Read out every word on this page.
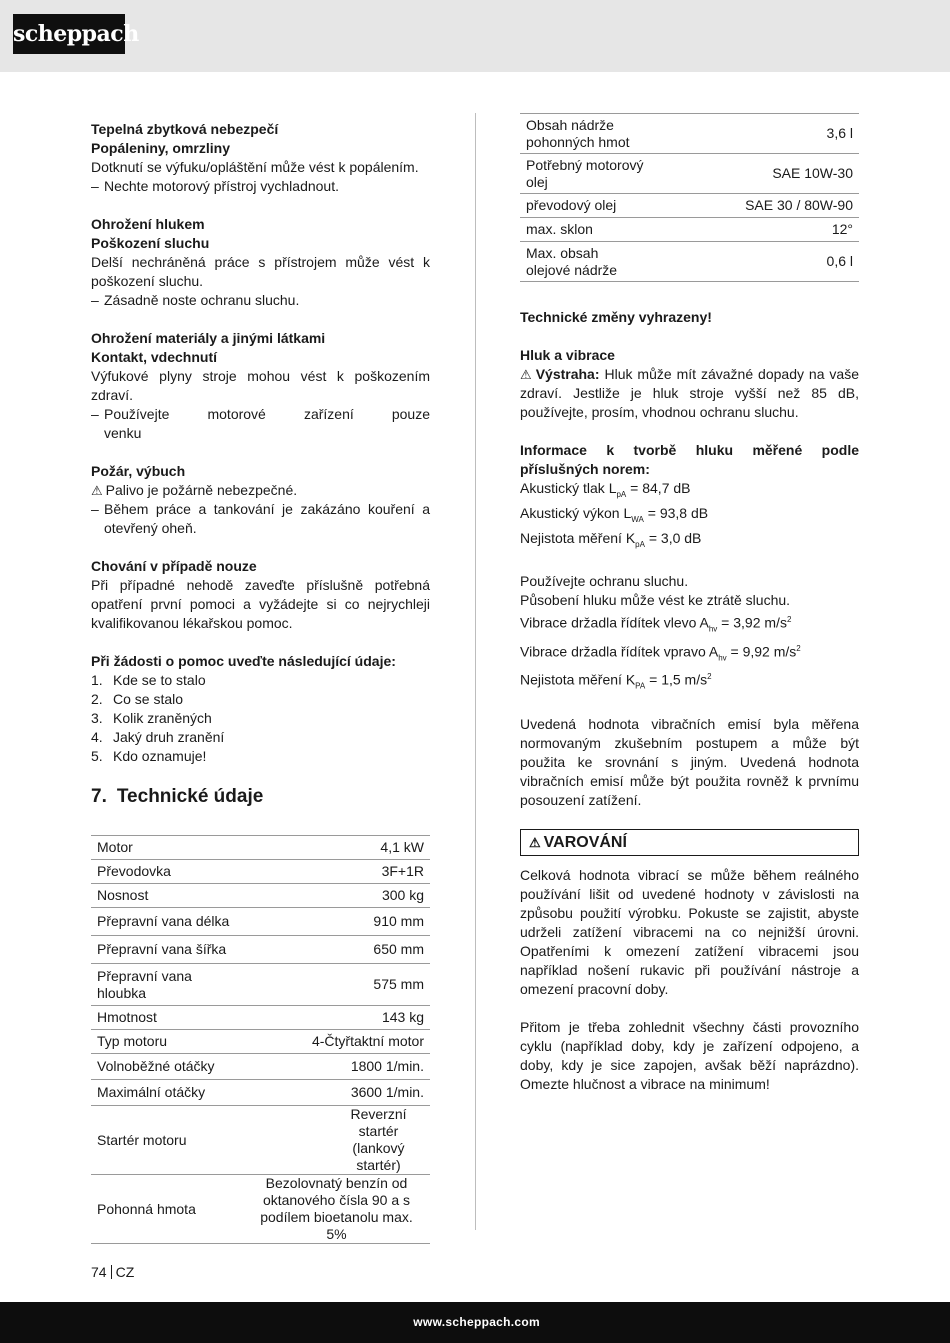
scheppach

Tepelná zbytková nebezpečí

Popáleniny, omrzliny

Dotknutí se výfuku/opláštění může vést k popálením.

– Nechte motorový přístroj vychladnout.

Ohrožení hlukem

Poškození sluchu

Delší nechráněná práce s přístrojem může vést k poškození sluchu.

– Zásadně noste ochranu sluchu.

Ohrožení materiály a jinými látkami

Kontakt, vdechnutí

Výfukové plyny stroje mohou vést k poškozením zdraví.

– Používejte motorové zařízení pouze venku

Požár, výbuch

⚠ Palivo je požárně nebezpečné.

– Během práce a tankování je zakázáno kouření a otevřený oheň.

Chování v případě nouze

Při případné nehodě zaveďte příslušně potřebná opatření první pomoci a vyžádejte si co nejrychleji kvalifikovanou lékařskou pomoc.

Při žádosti o pomoc uveďte následující údaje:

1. Kde se to stalo
2. Co se stalo
3. Kolik zraněných
4. Jaký druh zranění
5. Kdo oznamuje!
7. Technické údaje
Motor	4,1 kW
Převodovka	3F+1R
Nosnost	300 kg
Přepravní vana délka	910 mm
Přepravní vana šířka	650 mm
Přepravní vana hloubka	575 mm
Hmotnost	143 kg
Typ motoru	4-Čtyřtaktní motor
Volnoběžné otáčky	1800 1/min.
Maximální otáčky	3600 1/min.
Startér motoru	Reverzní startér (lankový startér)
Pohonná hmota	Bezolovnatý benzín od oktanového čísla 90 a s podílem bioetanolu max. 5%
Obsah nádrže pohonných hmot	3,6 l
Potřebný motorový olej	SAE 10W-30
převodový olej	SAE 30 / 80W-90
max. sklon	12°
Max. obsah olejové nádrže	0,6 l

Technické změny vyhrazeny!

Hluk a vibrace

⚠ Výstraha: Hluk může mít závažné dopady na vaše zdraví. Jestliže je hluk stroje vyšší než 85 dB, používejte, prosím, vhodnou ochranu sluchu.

Informace k tvorbě hluku měřené podle příslušných norem:

Akustický tlak $L_{pA} = 84,7$ dB

Akustický výkon $L_{WA} = 93,8$ dB

Nejistota měření $K_{pA} = 3,0$ dB

Používejte ochranu sluchu.

Působení hluku může vést ke ztrátě sluchu.

Vibrace držadla řídítek vlevo $A_{hv} = 3,92$ $m/s^2$

Vibrace držadla řídítek vpravo $A_{hv} = 9,92$ $m/s^2$

Nejistota měření $K_{PA} = 1,5$ $m/s^2$

Uvedená hodnota vibračních emisí byla měřena normovaným zkušebním postupem a může být použita ke srovnání s jiným. Uvedená hodnota vibračních emisí může být použita rovněž k prvnímu posouzení zatížení.

⚠ VAROVÁNÍ

Celková hodnota vibrací se může během reálného používání lišit od uvedené hodnoty v závislosti na způsobu použití výrobku. Pokuste se zajistit, abyste udrželi zatížení vibracemi na co nejnižší úrovni. Opatřeními k omezení zatížení vibracemi jsou například nošení rukavic při používání nástroje a omezení pracovní doby.

Přitom je třeba zohlednit všechny části provozního cyklu (například doby, kdy je zařízení odpojeno, a doby, kdy je sice zapojen, avšak běží naprázdno). Omezte hlučnost a vibrace na minimum!

74 CZ
www.scheppach.com
